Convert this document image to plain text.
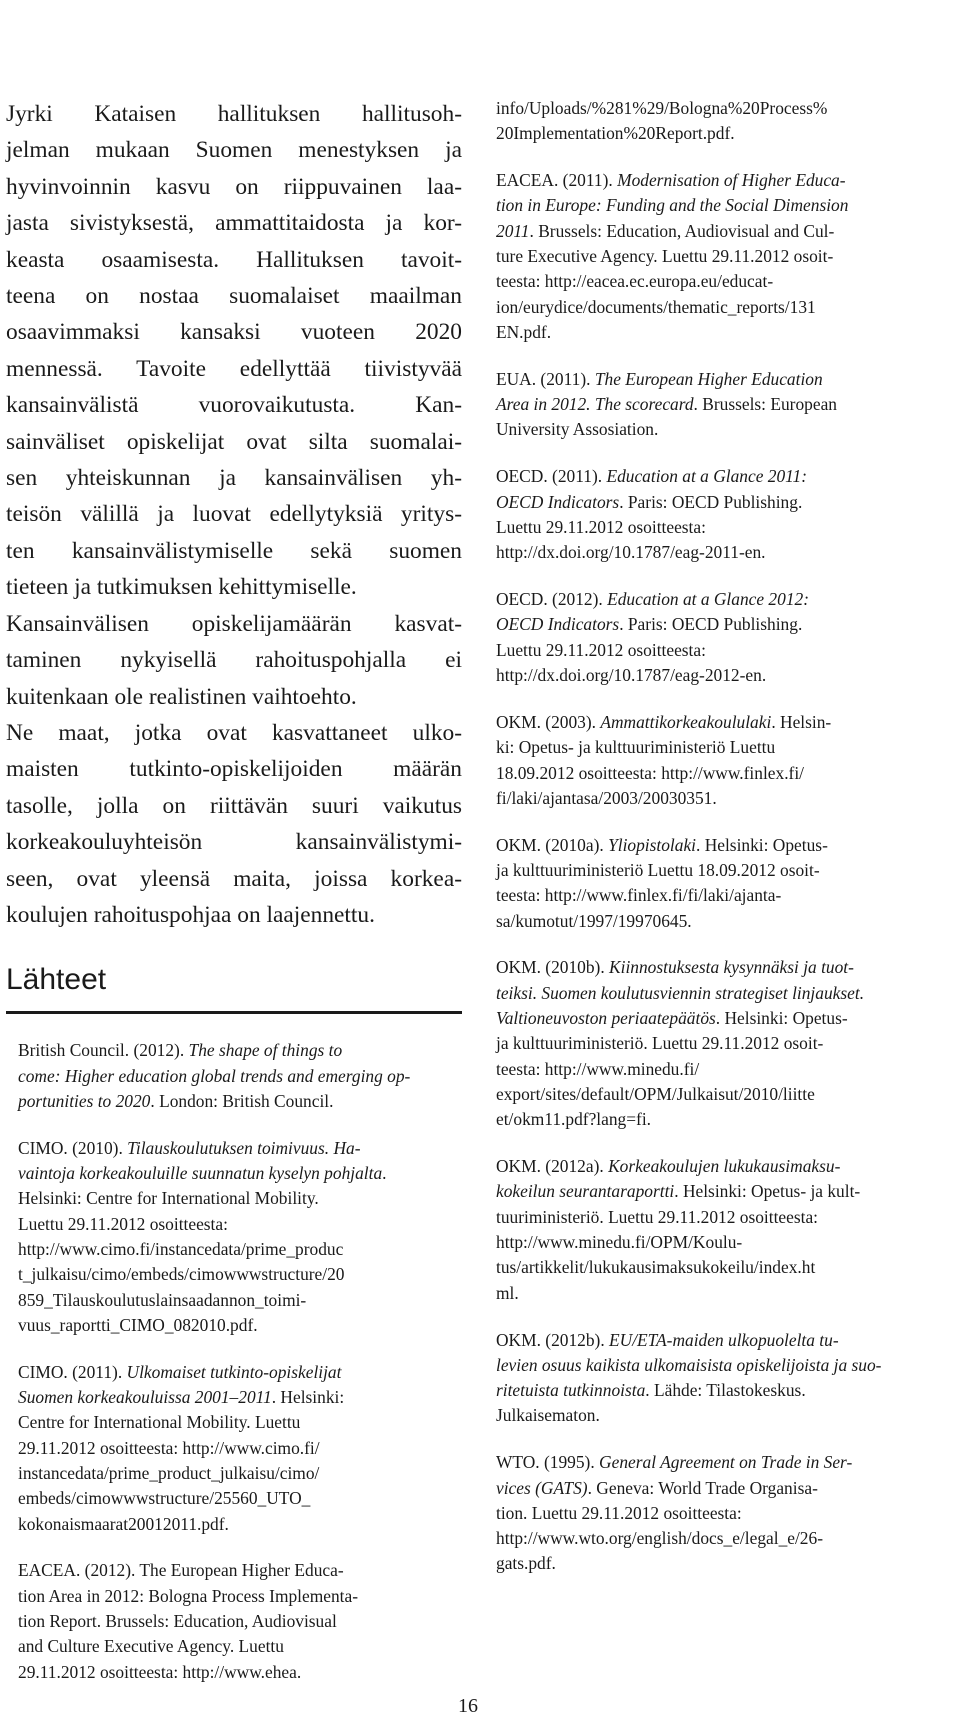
Ammattikasvatuksen aikakauskirja 14 (4), 7-16/ISBN 1456-7989/© OKKA-säätiö 2012/www.okka-
saatio.com

Jyrki Kataisen hallituksen hallitusoh-
jelman mukaan Suomen menestyksen ja
hyvinvoinnin kasvu on riippuvainen laa-
jasta sivistyksestä, ammattitaidosta ja kor-
keasta osaamisesta. Hallituksen tavoit-
teena on nostaa suomalaiset maailman
osaavimmaksi kansaksi vuoteen 2020
mennessä. Tavoite edellyttää tiivistyvää
kansainvälistä vuorovaikutusta. Kan-
sainväliset opiskelijat ovat silta suomalai-
sen yhteiskunnan ja kansainvälisen yh-
teisön välillä ja luovat edellytyksiä yritys-
ten kansainvälistymiselle sekä suomen
tieteen ja tutkimuksen kehittymiselle.
Kansainvälisen opiskelijamäärän kasvat-
taminen nykyisellä rahoituspohjalla ei
kuitenkaan ole realistinen vaihtoehto.
Ne maat, jotka ovat kasvattaneet ulko-
maisten tutkinto-opiskelijoiden määrän
tasolle, jolla on riittävän suuri vaikutus
korkeakouluyhteisön kansainvälistymi-
seen, ovat yleensä maita, joissa korkea-
koulujen rahoituspohjaa on laajennettu.

Lähteet
British Council. (2012). The shape of things to
come: Higher education global trends and emerging op-
portunities to 2020. London: British Council.
CIMO. (2010). Tilauskoulutuksen toimivuus. Ha-
vaintoja korkeakouluille suunnatun kyselyn pohjalta.
Helsinki: Centre for International Mobility.
Luettu 29.11.2012 osoitteesta:
http://www.cimo.fi/instancedata/prime_produc
t_julkaisu/cimo/embeds/cimowwwstructure/20
859_Tilauskoulutuslainsaadannon_toimi-
vuus_raportti_CIMO_082010.pdf.
CIMO. (2011). Ulkomaiset tutkinto-opiskelijat
Suomen korkeakouluissa 2001–2011. Helsinki:
Centre for International Mobility. Luettu
29.11.2012 osoitteesta: http://www.cimo.fi/
instancedata/prime_product_julkaisu/cimo/
embeds/cimowwwstructure/25560_UTO_
kokonaismaarat20012011.pdf.
EACEA. (2012). The European Higher Educa-
tion Area in 2012: Bologna Process Implementa-
tion Report. Brussels: Education, Audiovisual
and Culture Executive Agency. Luettu
29.11.2012 osoitteesta: http://www.ehea.
info/Uploads/%281%29/Bologna%20Process%
20Implementation%20Report.pdf.
EACEA. (2011). Modernisation of Higher Educa-
tion in Europe: Funding and the Social Dimension
2011. Brussels: Education, Audiovisual and Cul-
ture Executive Agency. Luettu 29.11.2012 osoit-
teesta: http://eacea.ec.europa.eu/educat-
ion/eurydice/documents/thematic_reports/131
EN.pdf.
EUA. (2011). The European Higher Education
Area in 2012. The scorecard. Brussels: European
University Assosiation.
OECD. (2011). Education at a Glance 2011:
OECD Indicators. Paris: OECD Publishing.
Luettu 29.11.2012 osoitteesta:
http://dx.doi.org/10.1787/eag-2011-en.
OECD. (2012). Education at a Glance 2012:
OECD Indicators. Paris: OECD Publishing.
Luettu 29.11.2012 osoitteesta:
http://dx.doi.org/10.1787/eag-2012-en.
OKM. (2003). Ammattikorkeakoululaki. Helsin-
ki: Opetus- ja kulttuuriministeriö Luettu
18.09.2012 osoitteesta: http://www.finlex.fi/
fi/laki/ajantasa/2003/20030351.
OKM. (2010a). Yliopistolaki. Helsinki: Opetus-
ja kulttuuriministeriö Luettu 18.09.2012 osoit-
teesta: http://www.finlex.fi/fi/laki/ajanta-
sa/kumotut/1997/19970645.
OKM. (2010b). Kiinnostuksesta kysynnäksi ja tuot-
teiksi. Suomen koulutusviennin strategiset linjaukset.
Valtioneuvoston periaatepäätös. Helsinki: Opetus-
ja kulttuuriministeriö. Luettu 29.11.2012 osoit-
teesta: http://www.minedu.fi/
export/sites/default/OPM/Julkaisut/2010/liitte
et/okm11.pdf?lang=fi.
OKM. (2012a). Korkeakoulujen lukukausimaksu-
kokeilun seurantaraportti. Helsinki: Opetus- ja kult-
tuuriministeriö. Luettu 29.11.2012 osoitteesta:
http://www.minedu.fi/OPM/Koulu-
tus/artikkelit/lukukausimaksukokeilu/index.ht
ml.
OKM. (2012b). EU/ETA-maiden ulkopuolelta tu-
levien osuus kaikista ulkomaisista opiskelijoista ja suo-
ritetuista tutkinnoista. Lähde: Tilastokeskus.
Julkaisematon.
WTO. (1995). General Agreement on Trade in Ser-
vices (GATS). Geneva: World Trade Organisa-
tion. Luettu 29.11.2012 osoitteesta:
http://www.wto.org/english/docs_e/legal_e/26-
gats.pdf.
16
